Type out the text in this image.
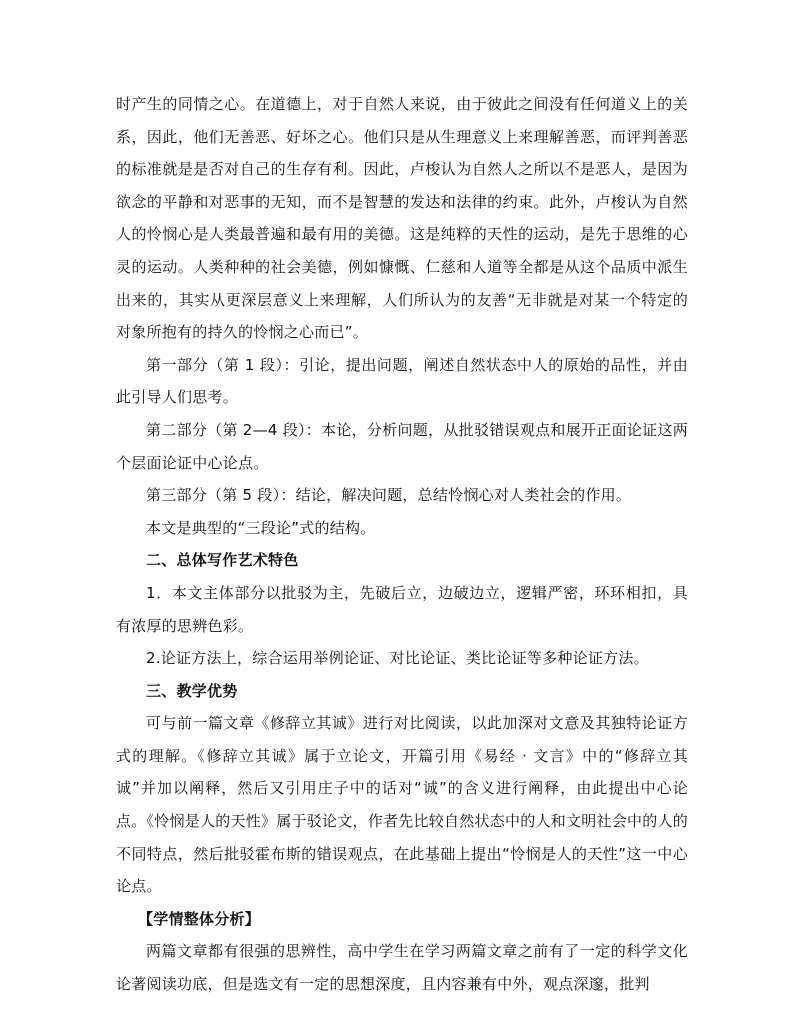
时产生的同情之心。在道德上，对于自然人来说，由于彼此之间没有任何道义上的关系，因此，他们无善恶、好坏之心。他们只是从生理意义上来理解善恶，而评判善恶的标准就是是否对自己的生存有利。因此，卢梭认为自然人之所以不是恶人，是因为欲念的平静和对恶事的无知，而不是智慧的发达和法律的约束。此外，卢梭认为自然人的怜悯心是人类最普遍和最有用的美德。这是纯粹的天性的运动，是先于思维的心灵的运动。人类种种的社会美德，例如慷慨、仁慈和人道等全都是从这个品质中派生出来的，其实从更深层意义上来理解，人们所认为的友善“无非就是对某一个特定的对象所抱有的持久的怜悯之心而已”。

第一部分（第 1 段）：引论，提出问题，阐述自然状态中人的原始的品性，并由此引导人们思考。

第二部分（第 2—4 段）：本论，分析问题，从批驳错误观点和展开正面论证这两个层面论证中心论点。

第三部分（第 5 段）：结论，解决问题，总结怜悯心对人类社会的作用。

本文是典型的“三段论”式的结构。

二、总体写作艺术特色

1．本文主体部分以批驳为主，先破后立，边破边立，逻辑严密，环环相扣，具有浓厚的思辨色彩。

2.论证方法上，综合运用举例论证、对比论证、类比论证等多种论证方法。

三、教学优势

可与前一篇文章《修辞立其诚》进行对比阅读，以此加深对文意及其独特论证方式的理解。《修辞立其诚》属于立论文，开篇引用《易经 · 文言》中的“修辞立其诚”并加以阐释，然后又引用庄子中的话对“诚”的含义进行阐释，由此提出中心论点。《怜悯是人的天性》属于驳论文，作者先比较自然状态中的人和文明社会中的人的不同特点，然后批驳霍布斯的错误观点，在此基础上提出“怜悯是人的天性”这一中心论点。

【学情整体分析】

两篇文章都有很强的思辨性，高中学生在学习两篇文章之前有了一定的科学文化论著阅读功底，但是选文有一定的思想深度，且内容兼有中外，观点深邃，批判
